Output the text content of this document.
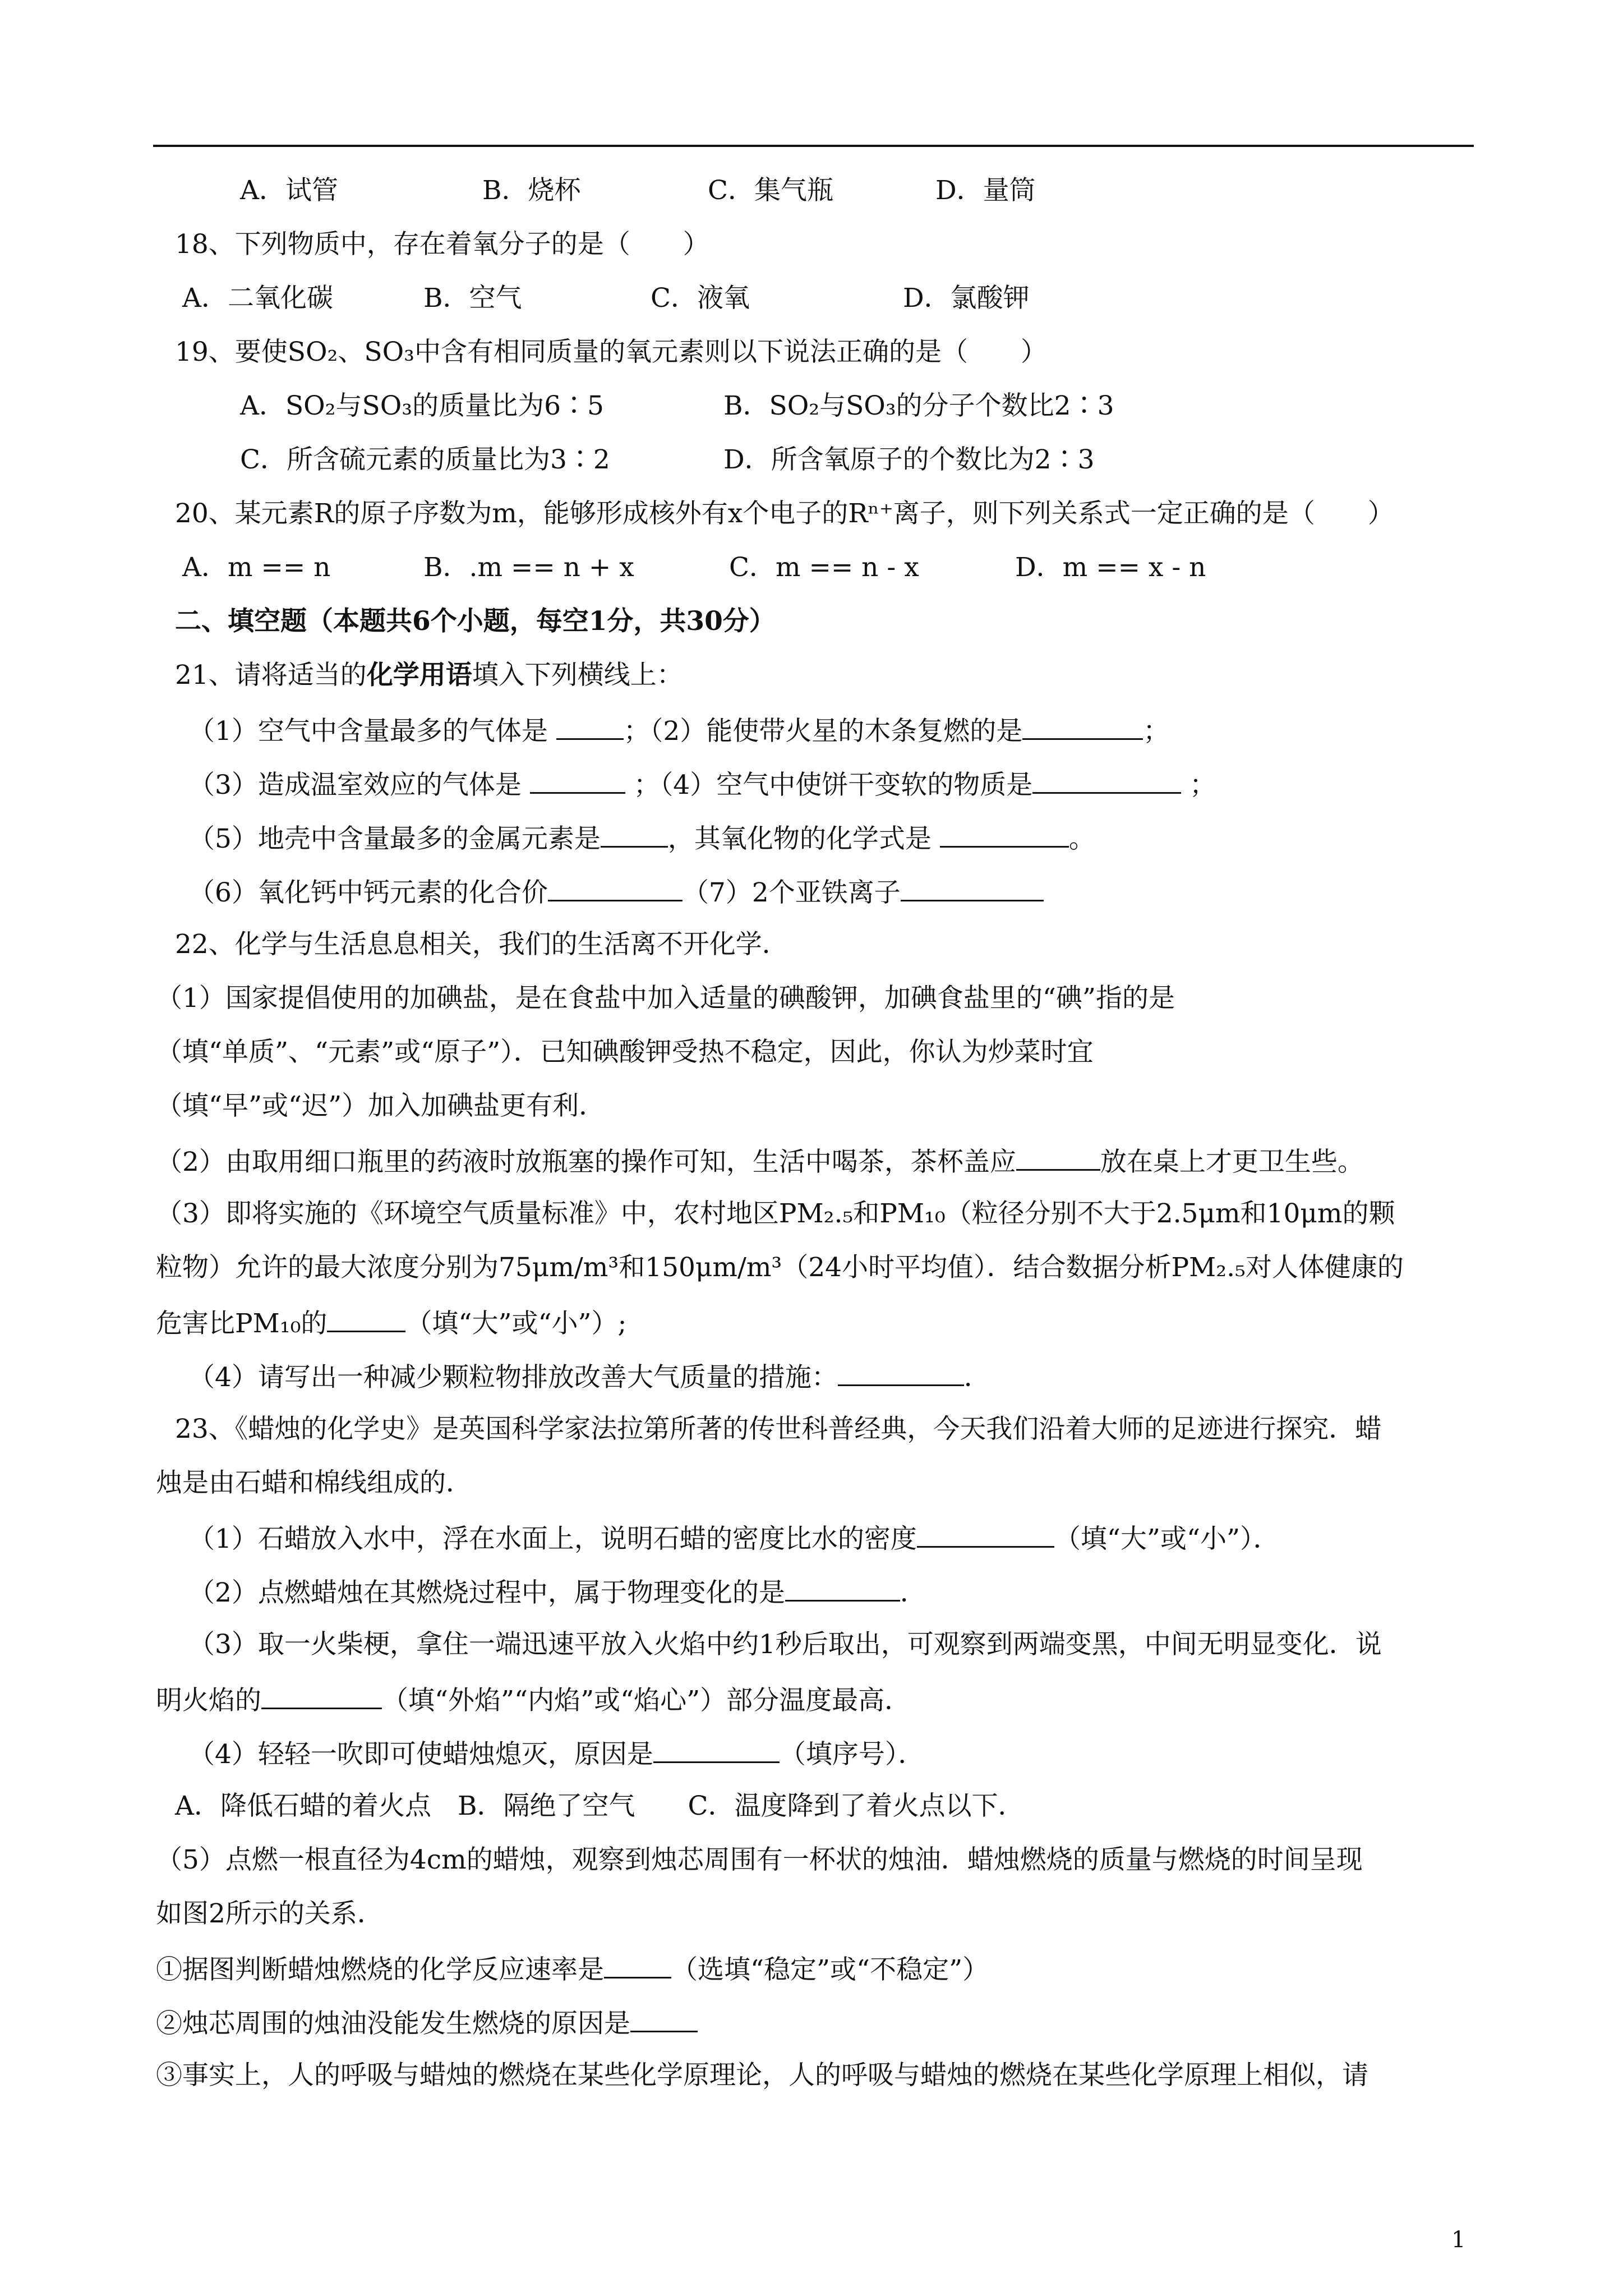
A．试管	B．烧杯	C．集气瓶	D．量筒
18、下列物质中，存在着氧分子的是（　　）
A．二氧化碳	B．空气	C．液氧	D．氯酸钾
19、要使SO₂、SO₃中含有相同质量的氧元素则以下说法正确的是（　　）
A．SO₂与SO₃的质量比为6∶5	B．SO₂与SO₃的分子个数比2∶3
C．所含硫元素的质量比为3∶2	D．所含氧原子的个数比为2∶3
20、某元素R的原子序数为m，能够形成核外有x个电子的Rⁿ⁺离子，则下列关系式一定正确的是（　　）
A．m == n	B．.m == n + x	C．m == n - x	D．m == x - n
二、填空题（本题共6个小题，每空1分，共30分）
21、请将适当的化学用语填入下列横线上：
（1）空气中含量最多的气体是	；（2）能使带火星的木条复燃的是	；
（3）造成温室效应的气体是	；（4）空气中使饼干变软的物质是	；
（5）地壳中含量最多的金属元素是	，其氧化物的化学式是	。
（6）氧化钙中钙元素的化合价	（7）2个亚铁离子
22、化学与生活息息相关，我们的生活离不开化学．
（1）国家提倡使用的加碘盐，是在食盐中加入适量的碘酸钾，加碘食盐里的“碘”指的是
（填“单质”、“元素”或“原子”）．已知碘酸钾受热不稳定，因此，你认为炒菜时宜
（填“早”或“迟”）加入加碘盐更有利．
（2）由取用细口瓶里的药液时放瓶塞的操作可知，生活中喝茶，茶杯盖应	放在桌上才更卫生些。
（3）即将实施的《环境空气质量标准》中，农村地区PM₂.₅和PM₁₀（粒径分别不大于2.5μm和10μm的颗
粒物）允许的最大浓度分别为75μm/m³和150μm/m³（24小时平均值）．结合数据分析PM₂.₅对人体健康的
危害比PM₁₀的	（填“大”或“小”）;
（4）请写出一种减少颗粒物排放改善大气质量的措施：	．
23、《蜡烛的化学史》是英国科学家法拉第所著的传世科普经典，今天我们沿着大师的足迹进行探究．蜡
烛是由石蜡和棉线组成的．
（1）石蜡放入水中，浮在水面上，说明石蜡的密度比水的密度	（填“大”或“小”）．
（2）点燃蜡烛在其燃烧过程中，属于物理变化的是	．
（3）取一火柴梗，拿住一端迅速平放入火焰中约1秒后取出，可观察到两端变黑，中间无明显变化．说
明火焰的	（填“外焰”“内焰”或“焰心”）部分温度最高．
（4）轻轻一吹即可使蜡烛熄灭，原因是	（填序号）．
A．降低石蜡的着火点　B．隔绝了空气　　C．温度降到了着火点以下．
（5）点燃一根直径为4cm的蜡烛，观察到烛芯周围有一杯状的烛油．蜡烛燃烧的质量与燃烧的时间呈现
如图2所示的关系．
①据图判断蜡烛燃烧的化学反应速率是	（选填“稳定”或“不稳定”）
②烛芯周围的烛油没能发生燃烧的原因是
③事实上，人的呼吸与蜡烛的燃烧在某些化学原理论，人的呼吸与蜡烛的燃烧在某些化学原理上相似，请
1
